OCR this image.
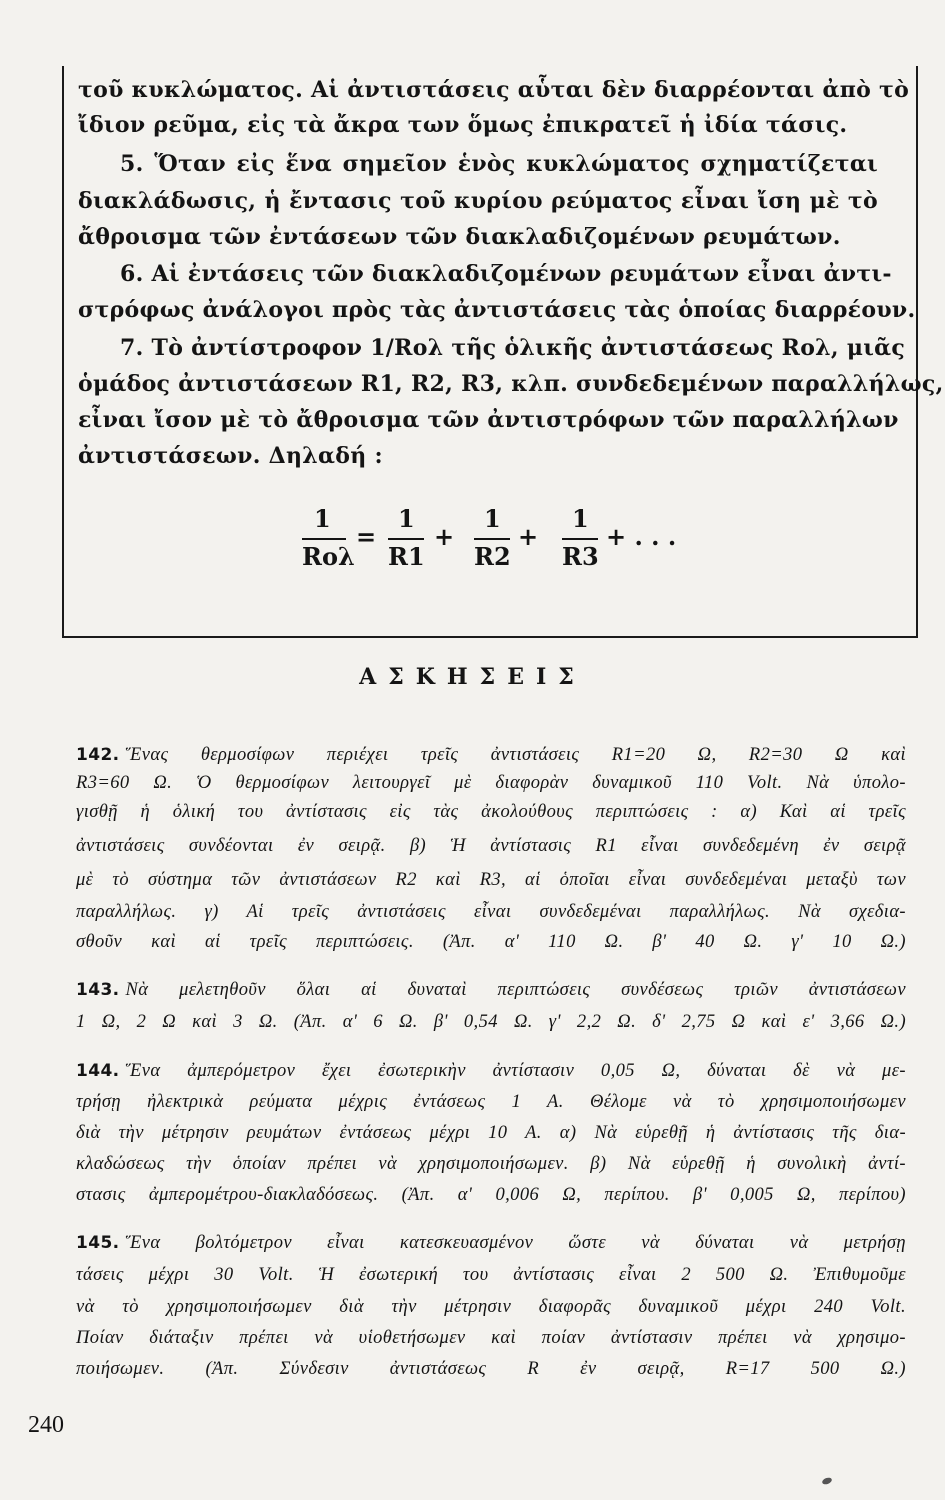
τοῦ κυκλώματος. Αἱ ἀντιστάσεις αὗται δὲν διαρρέονται ἀπὸ τὸ
ἴδιον ρεῦμα, εἰς τὰ ἄκρα των ὅμως ἐπικρατεῖ ἡ ἰδία τάσις.
5. Ὅταν εἰς ἕνα σημεῖον ἑνὸς κυκλώματος σχηματίζεται
διακλάδωσις, ἡ ἔντασις τοῦ κυρίου ρεύματος εἶναι ἴση μὲ τὸ
ἄθροισμα τῶν ἐντάσεων τῶν διακλαδιζομένων ρευμάτων.
6. Αἱ ἐντάσεις τῶν διακλαδιζομένων ρευμάτων εἶναι ἀντι-
στρόφως ἀνάλογοι πρὸς τὰς ἀντιστάσεις τὰς ὁποίας διαρρέουν.
7. Τὸ ἀντίστροφον 1/Rολ τῆς ὁλικῆς ἀντιστάσεως Rολ, μιᾶς
ὁμάδος ἀντιστάσεων R1, R2, R3, κλπ. συνδεδεμένων παραλλήλως,
εἶναι ἴσον μὲ τὸ ἄθροισμα τῶν ἀντιστρόφων τῶν παραλλήλων
ἀντιστάσεων. Δηλαδή :
1
Rολ
=
1
R1
+
1
R2
+
1
R3
+ . . .
ΑΣΚΗΣΕΙΣ
142. Ἕνας θερμοσίφων περιέχει τρεῖς ἀντιστάσεις R1=20 Ω, R2=30 Ω καὶ
R3=60 Ω. Ὁ θερμοσίφων λειτουργεῖ μὲ διαφορὰν δυναμικοῦ 110 Volt. Νὰ ὑπολο-
γισθῇ ἡ ὁλική του ἀντίστασις εἰς τὰς ἀκολούθους περιπτώσεις : α) Καὶ αἱ τρεῖς
ἀντιστάσεις συνδέονται ἐν σειρᾷ. β) Ἡ ἀντίστασις R1 εἶναι συνδεδεμένη ἐν σειρᾷ
μὲ τὸ σύστημα τῶν ἀντιστάσεων R2 καὶ R3, αἱ ὁποῖαι εἶναι συνδεδεμέναι μεταξὺ των
παραλλήλως. γ) Αἱ τρεῖς ἀντιστάσεις εἶναι συνδεδεμέναι παραλλήλως. Νὰ σχεδια-
σθοῦν καὶ αἱ τρεῖς περιπτώσεις. (Ἀπ. α' 110 Ω. β' 40 Ω. γ' 10 Ω.)
143. Νὰ μελετηθοῦν ὅλαι αἱ δυναταὶ περιπτώσεις συνδέσεως τριῶν ἀντιστάσεων
1 Ω, 2 Ω καὶ 3 Ω. (Ἀπ. α' 6 Ω. β' 0,54 Ω. γ' 2,2 Ω. δ' 2,75 Ω καὶ ε' 3,66 Ω.)
144. Ἕνα ἀμπερόμετρον ἔχει ἐσωτερικὴν ἀντίστασιν 0,05 Ω, δύναται δὲ νὰ με-
τρήσῃ ἠλεκτρικὰ ρεύματα μέχρις ἐντάσεως 1 Α. Θέλομε νὰ τὸ χρησιμοποιήσωμεν
διὰ τὴν μέτρησιν ρευμάτων ἐντάσεως μέχρι 10 Α. α) Νὰ εὑρεθῇ ἡ ἀντίστασις τῆς δια-
κλαδώσεως τὴν ὁποίαν πρέπει νὰ χρησιμοποιήσωμεν. β) Νὰ εὑρεθῇ ἡ συνολικὴ ἀντί-
στασις ἀμπερομέτρου-διακλαδόσεως. (Ἀπ. α' 0,006 Ω, περίπου. β' 0,005 Ω, περίπου)
145. Ἕνα βολτόμετρον εἶναι κατεσκευασμένον ὥστε νὰ δύναται νὰ μετρήσῃ
τάσεις μέχρι 30 Volt. Ἡ ἐσωτερική του ἀντίστασις εἶναι 2 500 Ω. Ἐπιθυμοῦμε
νὰ τὸ χρησιμοποιήσωμεν διὰ τὴν μέτρησιν διαφορᾶς δυναμικοῦ μέχρι 240 Volt.
Ποίαν διάταξιν πρέπει νὰ υἱοθετήσωμεν καὶ ποίαν ἀντίστασιν πρέπει νὰ χρησιμο-
ποιήσωμεν. (Ἀπ. Σύνδεσιν ἀντιστάσεως R ἐν σειρᾷ, R=17 500 Ω.)
240
